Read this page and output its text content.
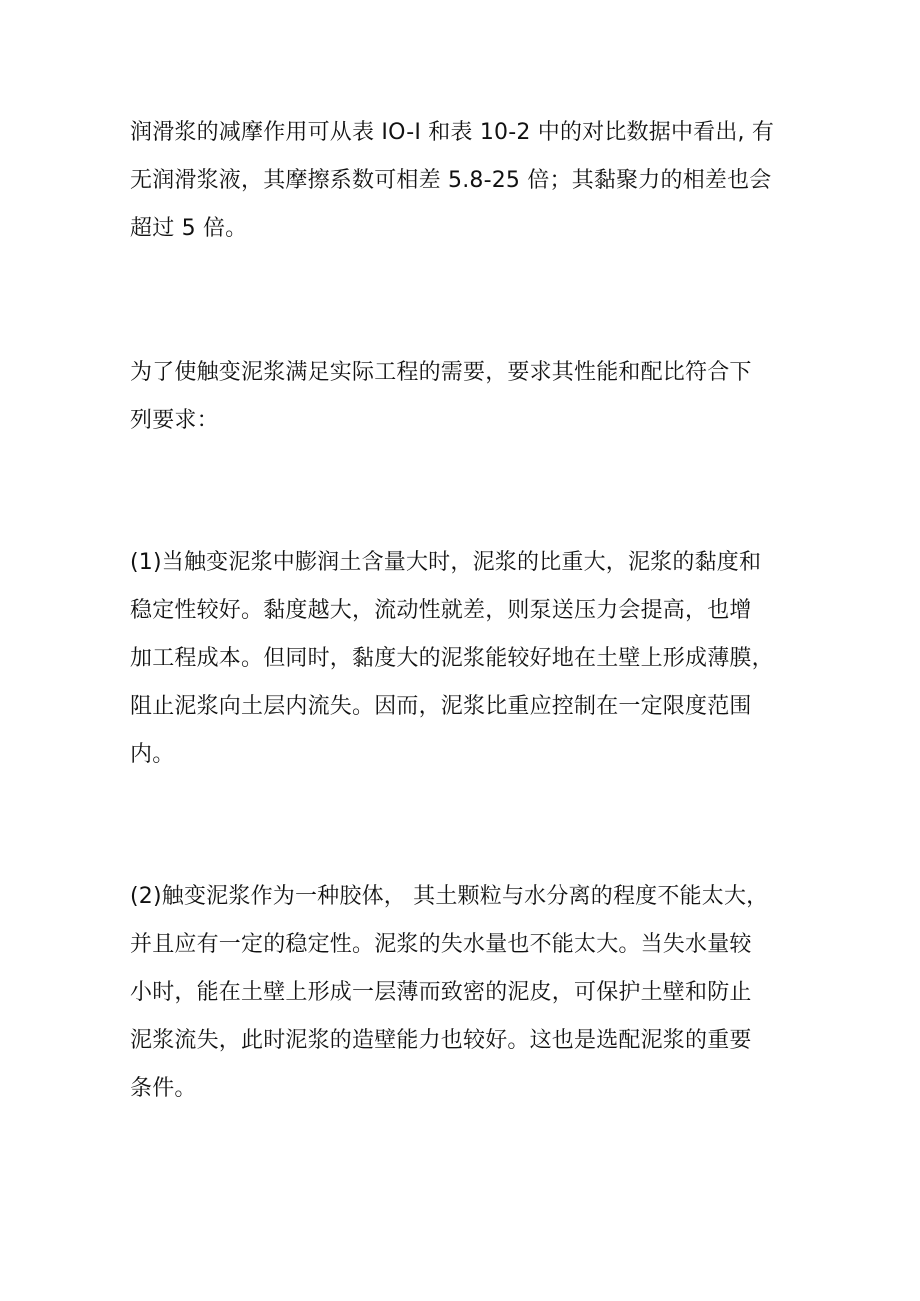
润滑浆的减摩作用可从表 IO-I 和表 10-2 中的对比数据中看出, 有
无润滑浆液，其摩擦系数可相差 5.8-25 倍；其黏聚力的相差也会
超过 5 倍。
为了使触变泥浆满足实际工程的需要，要求其性能和配比符合下
列要求：
(1)当触变泥浆中膨润土含量大时，泥浆的比重大，泥浆的黏度和
稳定性较好。黏度越大，流动性就差，则泵送压力会提高，也增
加工程成本。但同时，黏度大的泥浆能较好地在土壁上形成薄膜，
阻止泥浆向土层内流失。因而，泥浆比重应控制在一定限度范围
内。
(2)触变泥浆作为一种胶体， 其土颗粒与水分离的程度不能太大，
并且应有一定的稳定性。泥浆的失水量也不能太大。当失水量较
小时，能在土壁上形成一层薄而致密的泥皮，可保护土壁和防止
泥浆流失，此时泥浆的造壁能力也较好。这也是选配泥浆的重要
条件。
